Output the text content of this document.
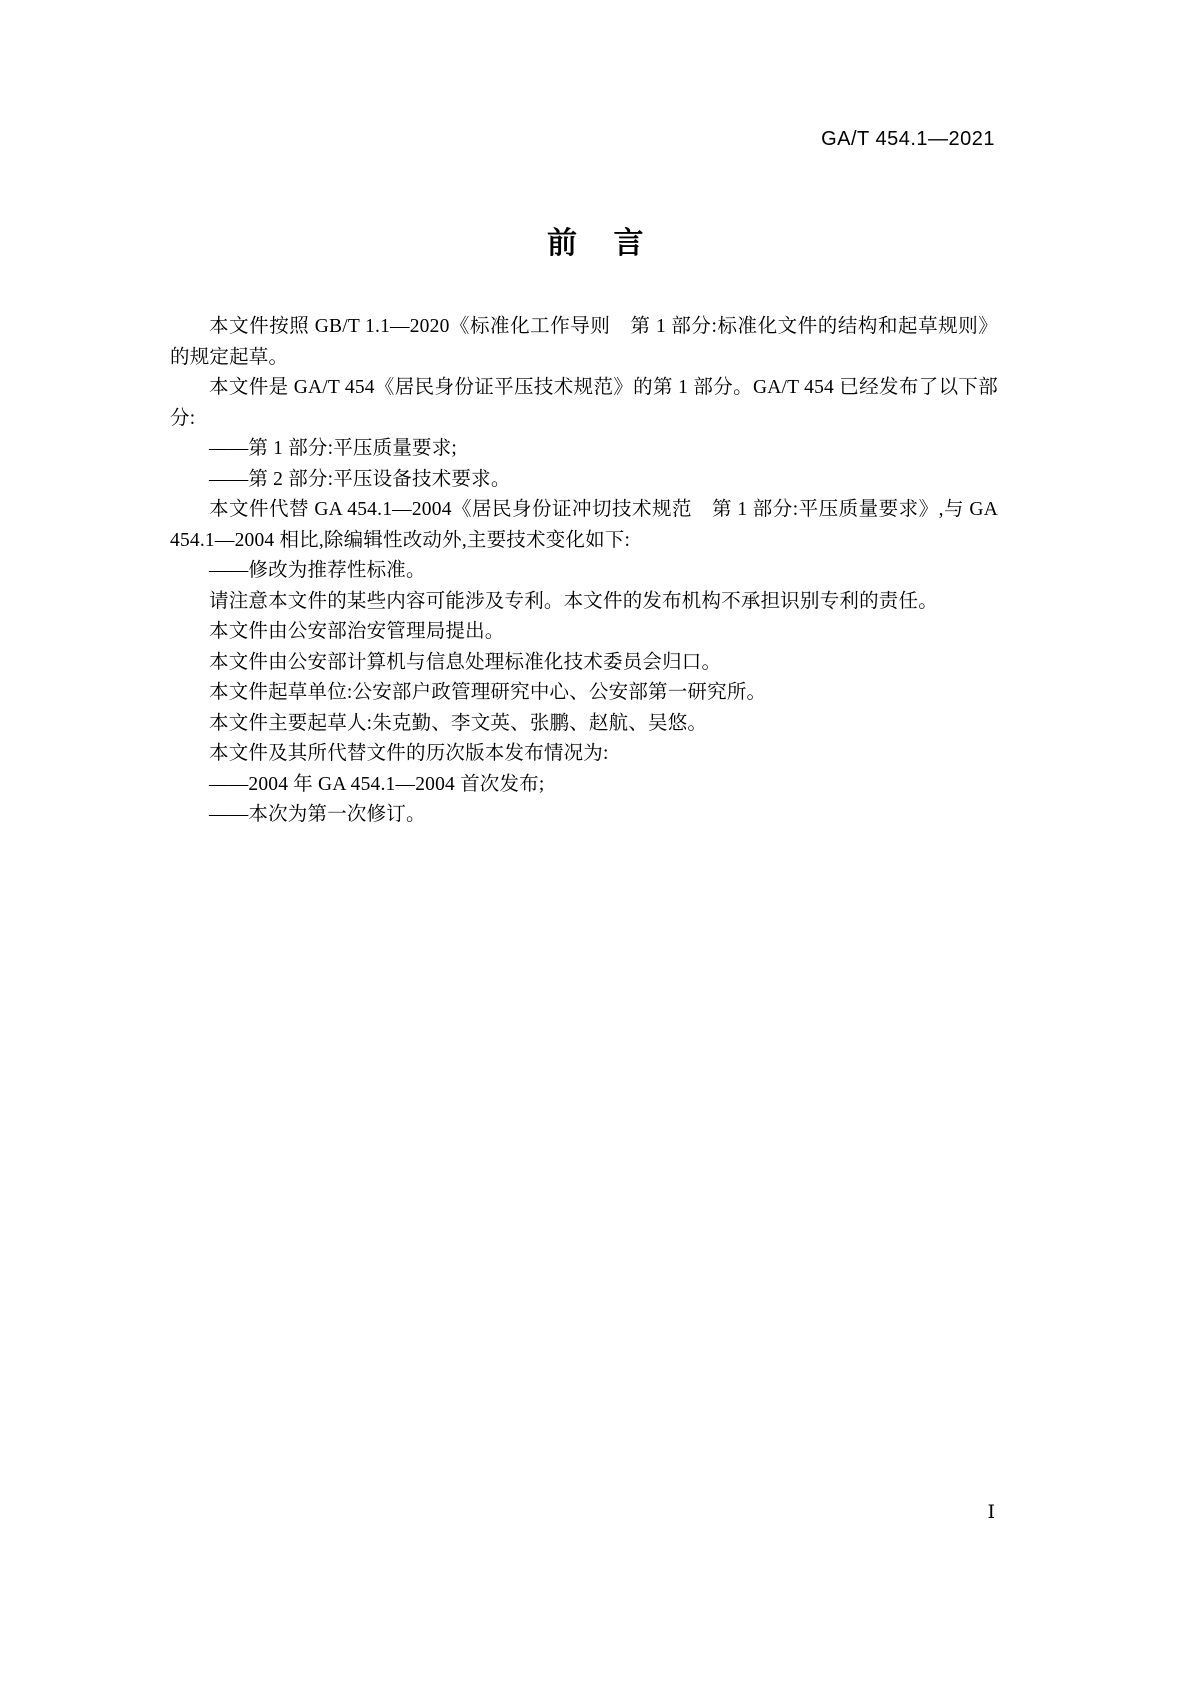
GA/T 454.1—2021
前 言

本文件按照 GB/T 1.1—2020《标准化工作导则　第 1 部分:标准化文件的结构和起草规则》的规定起草。

本文件是 GA/T 454《居民身份证平压技术规范》的第 1 部分。GA/T 454 已经发布了以下部分:

——第 1 部分:平压质量要求;

——第 2 部分:平压设备技术要求。

本文件代替 GA 454.1—2004《居民身份证冲切技术规范　第 1 部分:平压质量要求》,与 GA 454.1—2004 相比,除编辑性改动外,主要技术变化如下:

——修改为推荐性标准。

请注意本文件的某些内容可能涉及专利。本文件的发布机构不承担识别专利的责任。

本文件由公安部治安管理局提出。

本文件由公安部计算机与信息处理标准化技术委员会归口。

本文件起草单位:公安部户政管理研究中心、公安部第一研究所。

本文件主要起草人:朱克勤、李文英、张鹏、赵航、吴悠。

本文件及其所代替文件的历次版本发布情况为:

——2004 年 GA 454.1—2004 首次发布;

——本次为第一次修订。

Ⅰ
